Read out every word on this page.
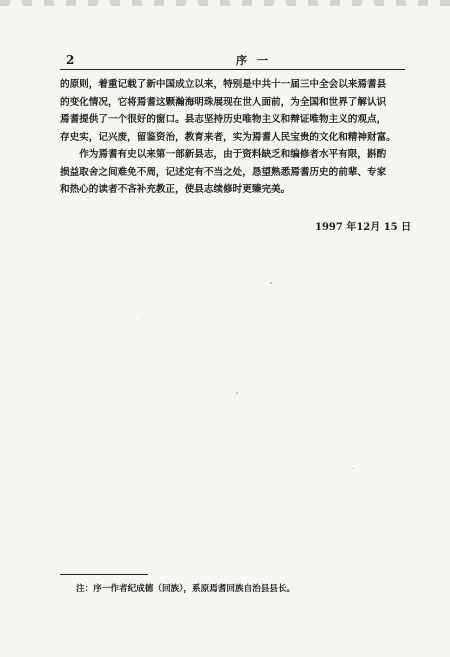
2	序一

的原则，着重记载了新中国成立以来，特别是中共十一届三中全会以来焉耆县
的变化情况，它将焉耆这颗瀚海明珠展现在世人面前，为全国和世界了解认识
焉耆提供了一个很好的窗口。县志坚持历史唯物主义和辩证唯物主义的观点，
存史实，记兴废，留鉴资治，教育来者，实为焉耆人民宝贵的文化和精神财富。

作为焉耆有史以来第一部新县志，由于资料缺乏和编修者水平有限，斟酌
损益取舍之间难免不周，记述定有不当之处，恳望熟悉焉耆历史的前辈、专家
和热心的读者不吝补充教正，使县志续修时更臻完美。

1997 年12月 15 日
注：序一作者纪成德（回族），系原焉耆回族自治县县长。
